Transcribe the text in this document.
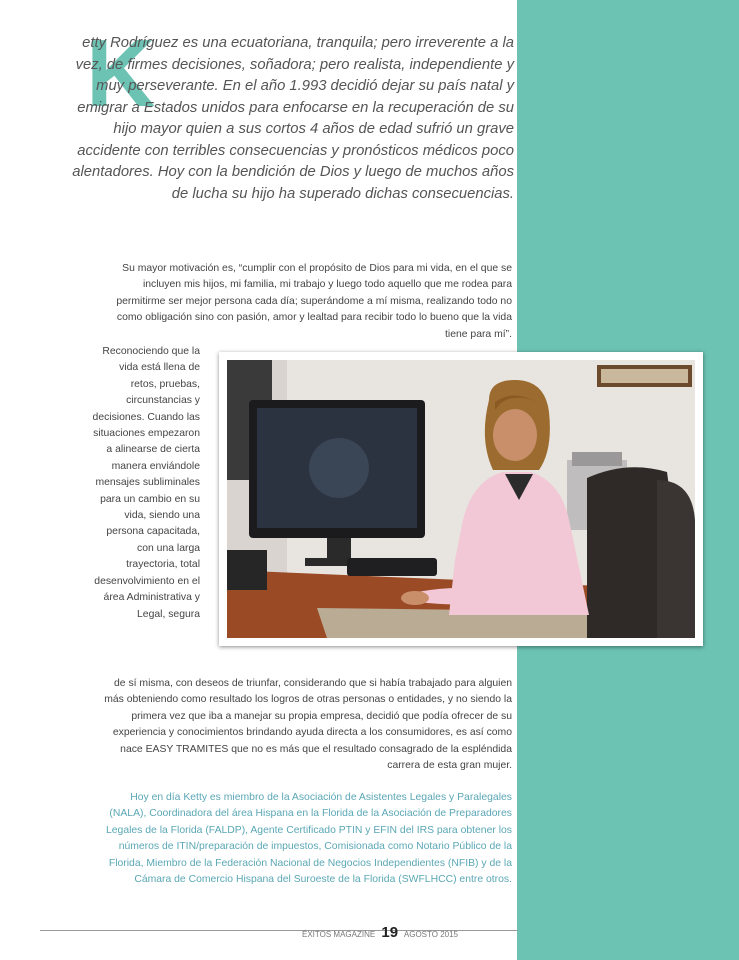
K

etty Rodríguez es una ecuatoriana, tranquila; pero irreverente a la vez, de firmes decisiones, soñadora; pero realista, independiente y muy perseverante. En el año 1.993 decidió dejar su país natal y emigrar a Estados unidos para enfocarse en la recuperación de su hijo mayor quien a sus cortos 4 años de edad sufrió un grave accidente con terribles consecuencias y pronósticos médicos poco alentadores. Hoy con la bendición de Dios y luego de muchos años de lucha su hijo ha superado dichas consecuencias.

Su mayor motivación es, “cumplir con el propósito de Dios para mi vida, en el que se incluyen mis hijos, mi familia, mi trabajo y luego todo aquello que me rodea para permitirme ser mejor persona cada día; superándome a mí misma, realizando todo no como obligación sino con pasión, amor y lealtad para recibir todo lo bueno que la vida tiene para mí”.

Reconociendo que la vida está llena de retos, pruebas, circunstancias y decisiones. Cuando las situaciones empezaron a alinearse de cierta manera enviándole mensajes subliminales para un cambio en su vida, siendo una persona capacitada, con una larga trayectoria, total desenvolvimiento en el área Administrativa y Legal, segura

de sí misma, con deseos de triunfar, considerando que si había trabajado para alguien más obteniendo como resultado los logros de otras personas o entidades, y no siendo la primera vez que iba a manejar su propia empresa, decidió que podía ofrecer de su experiencia y conocimientos brindando ayuda directa a los consumidores, es así como nace EASY TRAMITES que no es más que el resultado consagrado de la espléndida carrera de esta gran mujer.

Hoy en día Ketty es miembro de la Asociación de Asistentes Legales y Paralegales (NALA), Coordinadora del área Hispana en la Florida de la Asociación de Preparadores Legales de la Florida (FALDP), Agente Certificado PTIN y EFIN del IRS para obtener los números de ITIN/preparación de impuestos, Comisionada como Notario Público de la Florida, Miembro de la Federación Nacional de Negocios Independientes (NFIB) y de la Cámara de Comercio Hispana del Suroeste de la Florida (SWFLHCC) entre otros.

ÉXITOS MAGAZINE 19 AGOSTO 2015
